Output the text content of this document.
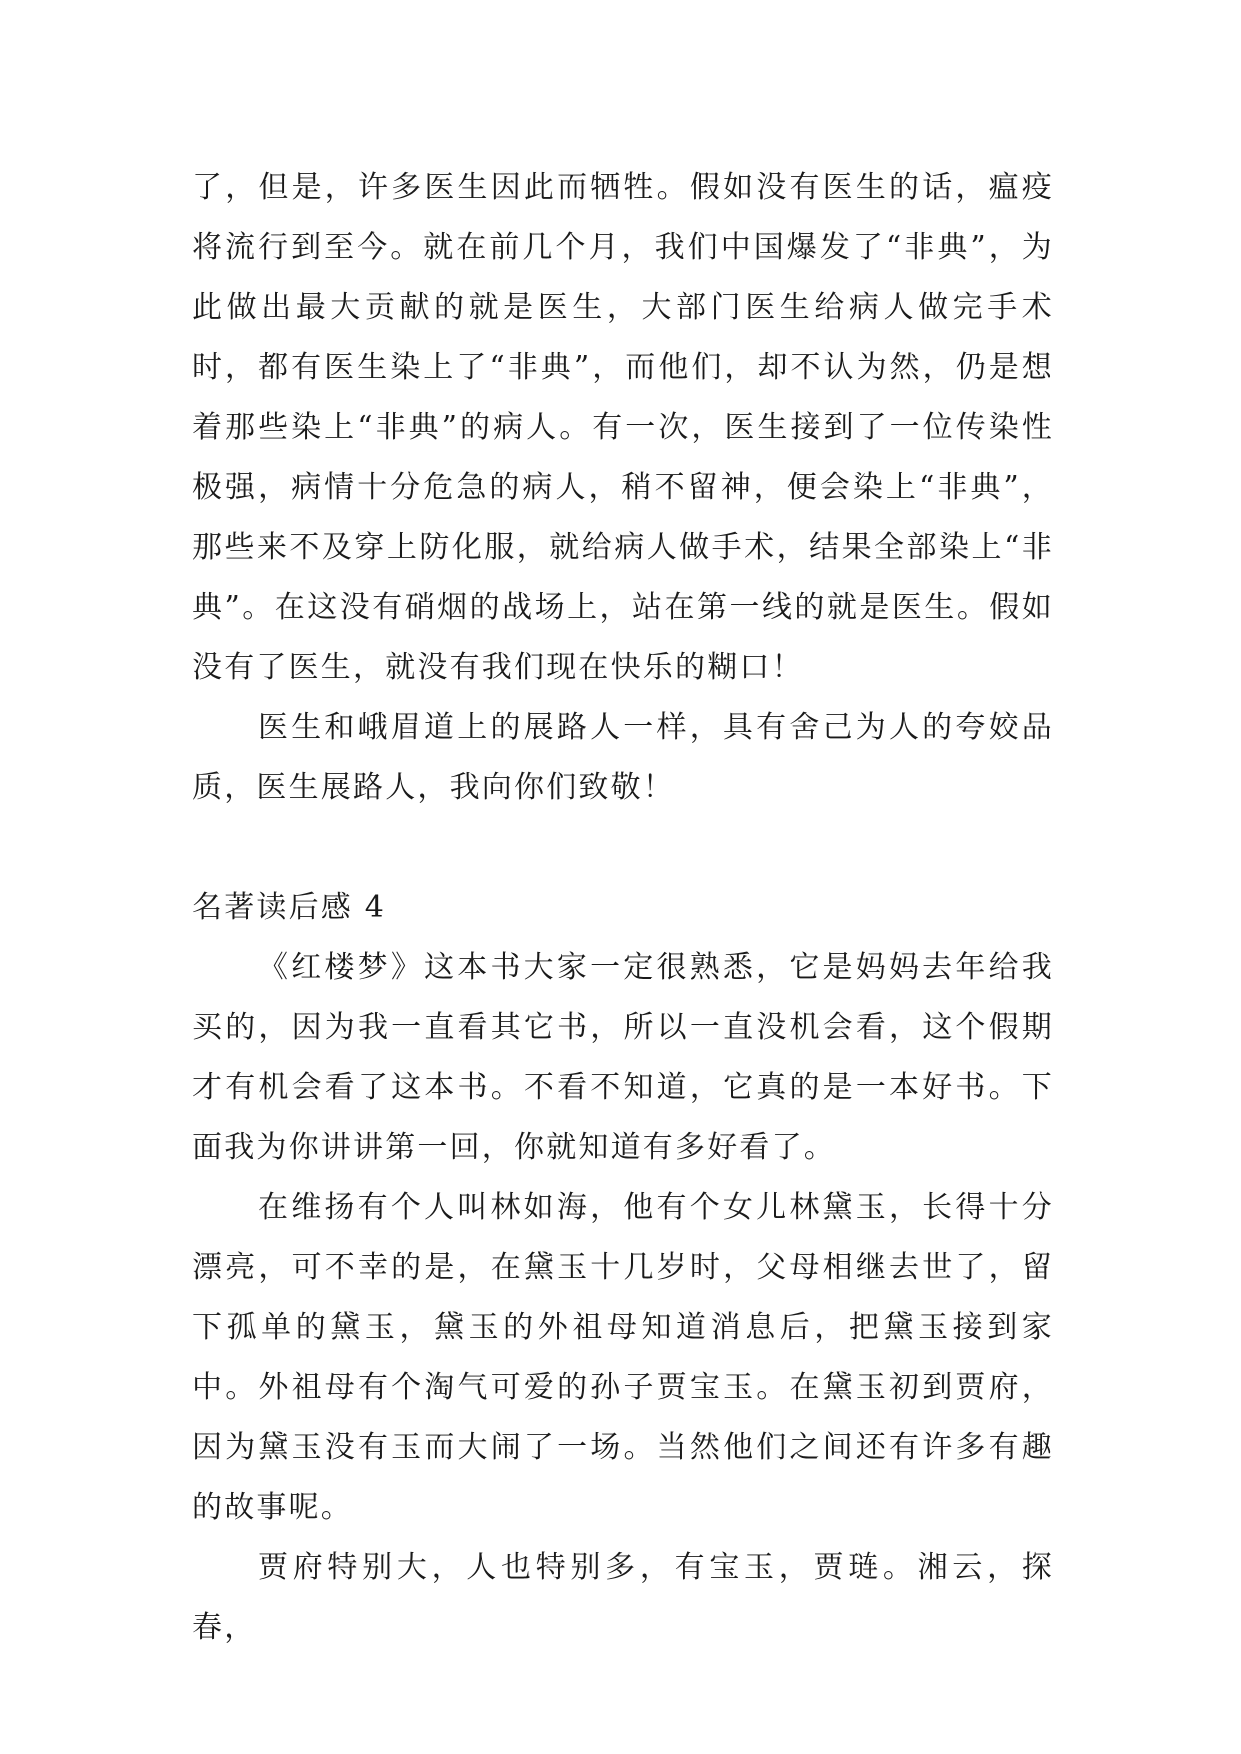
了，但是，许多医生因此而牺牲。假如没有医生的话，瘟疫将流行到至今。就在前几个月，我们中国爆发了“非典”，为此做出最大贡献的就是医生，大部门医生给病人做完手术时，都有医生染上了“非典”，而他们，却不认为然，仍是想着那些染上“非典”的病人。有一次，医生接到了一位传染性极强，病情十分危急的病人，稍不留神，便会染上“非典”，那些来不及穿上防化服，就给病人做手术，结果全部染上“非典”。在这没有硝烟的战场上，站在第一线的就是医生。假如没有了医生，就没有我们现在快乐的糊口！

医生和峨眉道上的展路人一样，具有舍己为人的夸姣品质，医生展路人，我向你们致敬！

名著读后感 4

《红楼梦》这本书大家一定很熟悉，它是妈妈去年给我买的，因为我一直看其它书，所以一直没机会看，这个假期才有机会看了这本书。不看不知道，它真的是一本好书。下面我为你讲讲第一回，你就知道有多好看了。

在维扬有个人叫林如海，他有个女儿林黛玉，长得十分漂亮，可不幸的是，在黛玉十几岁时，父母相继去世了，留下孤单的黛玉，黛玉的外祖母知道消息后，把黛玉接到家中。外祖母有个淘气可爱的孙子贾宝玉。在黛玉初到贾府，因为黛玉没有玉而大闹了一场。当然他们之间还有许多有趣的故事呢。

贾府特别大，人也特别多，有宝玉，贾琏。湘云，探春，
